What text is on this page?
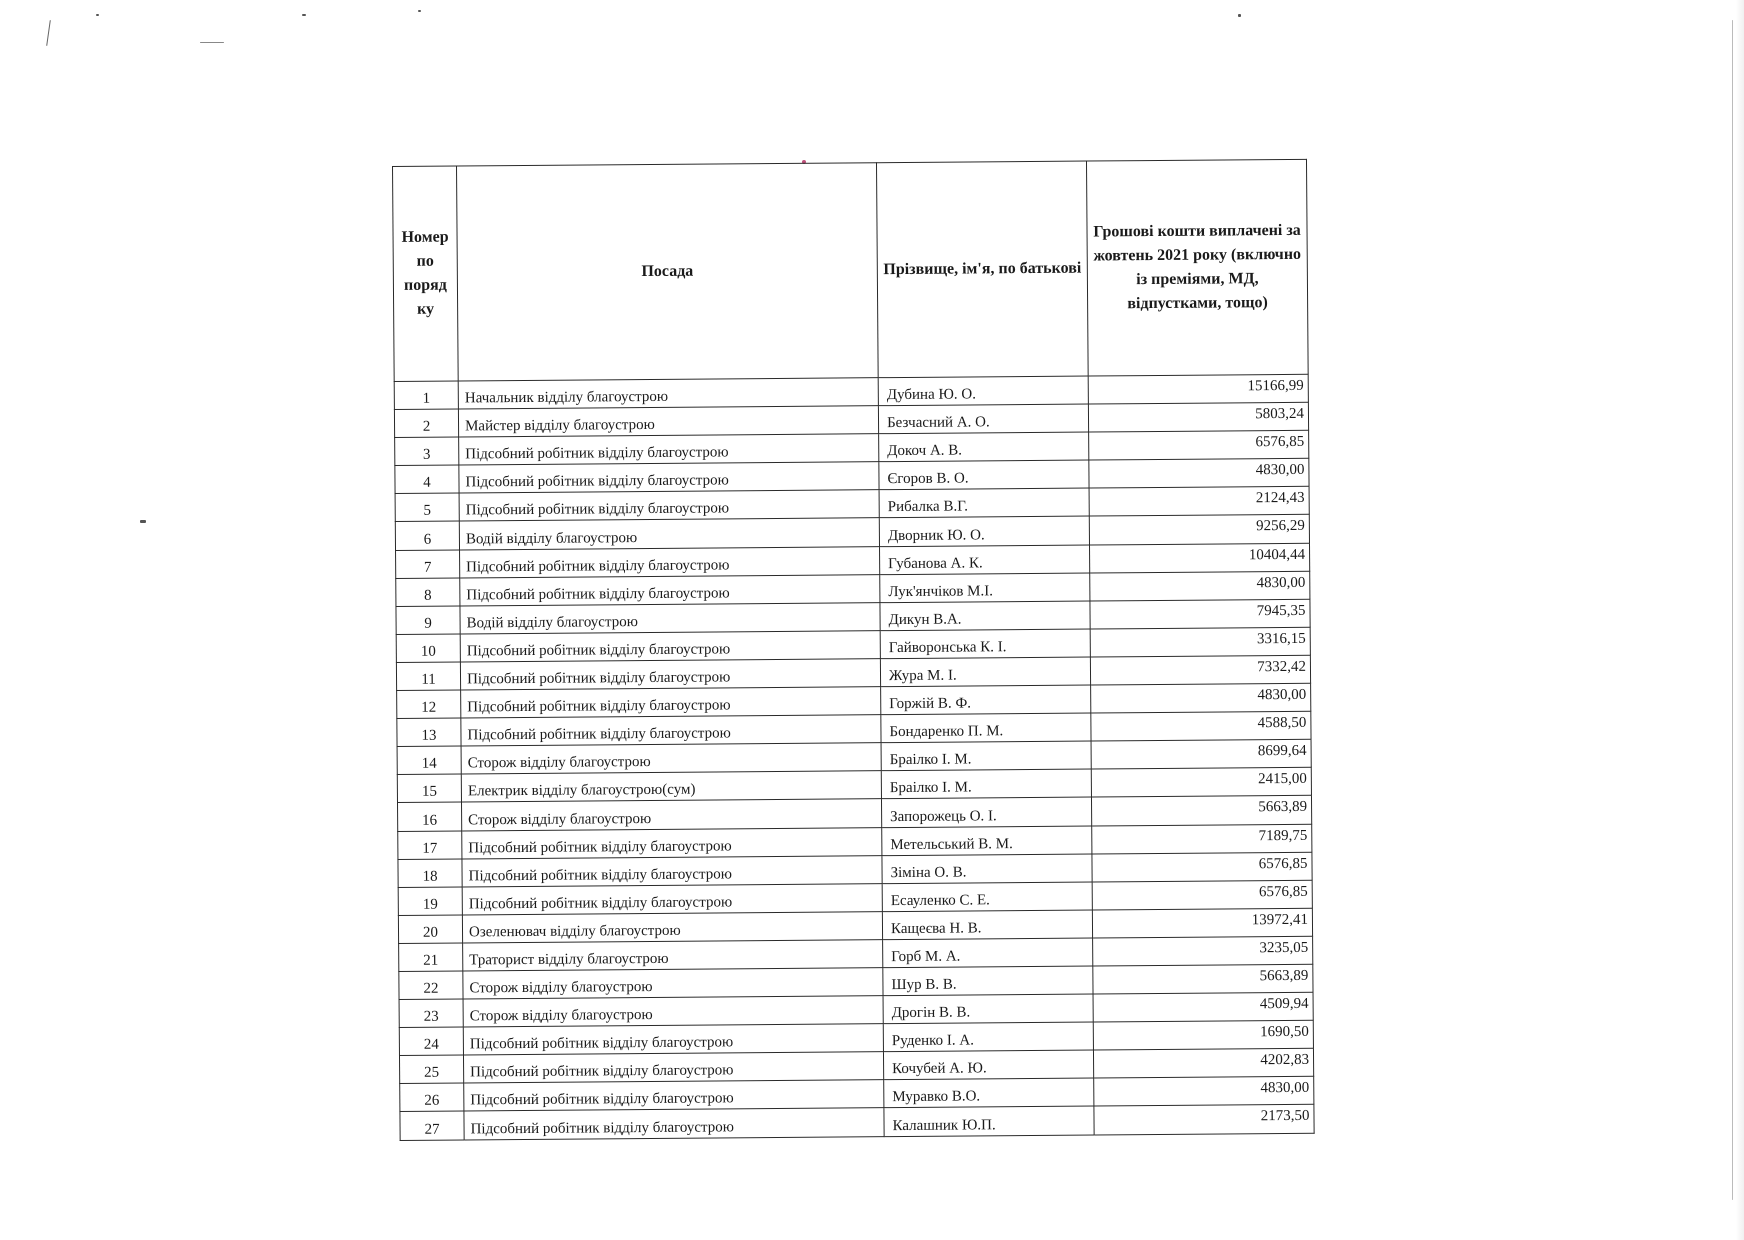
Номер по поряд ку	Посада	Прізвище, ім'я, по батькові	Грошові кошти виплачені за жовтень 2021 року (включно із преміями, МД, відпустками, тощо)
1	Начальник відділу благоустрою	Дубина Ю. О.	15166,99
2	Майстер відділу благоустрою	Безчасний А. О.	5803,24
3	Підсобний робітник відділу благоустрою	Докоч А. В.	6576,85
4	Підсобний робітник відділу благоустрою	Єгоров В. О.	4830,00
5	Підсобний робітник відділу благоустрою	Рибалка В.Г.	2124,43
6	Водій відділу благоустрою	Дворник Ю. О.	9256,29
7	Підсобний робітник відділу благоустрою	Губанова А. К.	10404,44
8	Підсобний робітник відділу благоустрою	Лук'янчіков М.І.	4830,00
9	Водій відділу благоустрою	Дикун В.А.	7945,35
10	Підсобний робітник відділу благоустрою	Гайворонська К. І.	3316,15
11	Підсобний робітник відділу благоустрою	Жура М. І.	7332,42
12	Підсобний робітник відділу благоустрою	Горжій В. Ф.	4830,00
13	Підсобний робітник відділу благоустрою	Бондаренко П. М.	4588,50
14	Сторож відділу благоустрою	Браілко І. М.	8699,64
15	Електрик відділу благоустрою(сум)	Браілко І. М.	2415,00
16	Сторож відділу благоустрою	Запорожець О. І.	5663,89
17	Підсобний робітник відділу благоустрою	Метельський В. М.	7189,75
18	Підсобний робітник відділу благоустрою	Зіміна О. В.	6576,85
19	Підсобний робітник відділу благоустрою	Есауленко С. Е.	6576,85
20	Озеленювач відділу благоустрою	Кащеєва Н. В.	13972,41
21	Траторист відділу благоустрою	Горб М. А.	3235,05
22	Сторож відділу благоустрою	Шур В. В.	5663,89
23	Сторож відділу благоустрою	Дрогін В. В.	4509,94
24	Підсобний робітник відділу благоустрою	Руденко І. А.	1690,50
25	Підсобний робітник відділу благоустрою	Кочубей А. Ю.	4202,83
26	Підсобний робітник відділу благоустрою	Муравко В.О.	4830,00
27	Підсобний робітник відділу благоустрою	Калашник Ю.П.	2173,50
